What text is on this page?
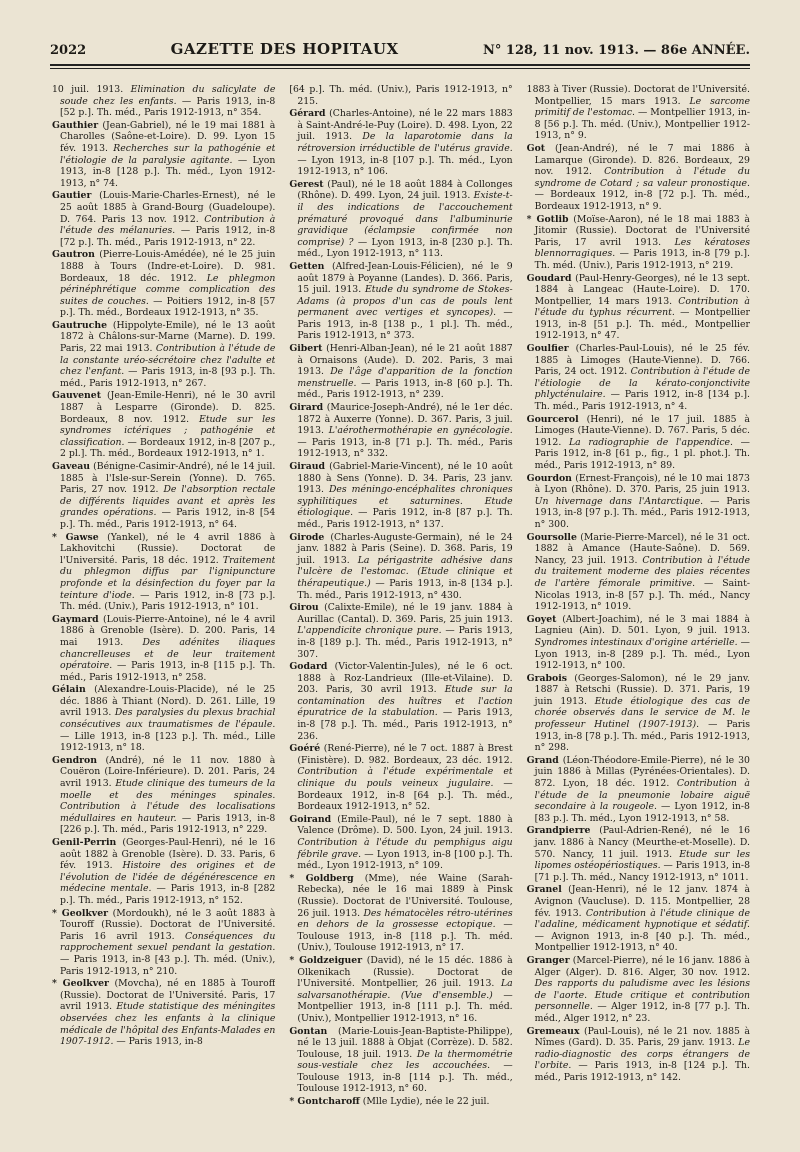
2022	GAZETTE DES HOPITAUX	N° 128, 11 nov. 1913. — 86e ANNÉE.

10 juil. 1913. Elimination du salicylate de soude chez les enfants. — Paris 1913, in-8 [52 p.]. Th. méd., Paris 1912-1913, n° 354.

Gauthier (Jean-Gabriel), né le 19 mai 1881 à Charolles (Saône-et-Loire). D. 99. Lyon 15 fév. 1913. Recherches sur la pathogénie et l'étiologie de la paralysie agitante. — Lyon 1913, in-8 [128 p.]. Th. méd., Lyon 1912-1913, n° 74.

Gautier (Louis-Marie-Charles-Ernest), né le 25 août 1885 à Grand-Bourg (Guadeloupe). D. 764. Paris 13 nov. 1912. Contribution à l'étude des mélanuries. — Paris 1912, in-8 [72 p.]. Th. méd., Paris 1912-1913, n° 22.

Gautron (Pierre-Louis-Amédée), né le 25 juin 1888 à Tours (Indre-et-Loire). D. 981. Bordeaux, 18 déc. 1912. Le phlegmon périnéphrétique comme complication des suites de couches. — Poitiers 1912, in-8 [57 p.]. Th. méd., Bordeaux 1912-1913, n° 35.

Gautruche (Hippolyte-Emile), né le 13 août 1872 à Châlons-sur-Marne (Marne). D. 199. Paris, 22 mai 1913. Contribution à l'étude de la constante uréo-sécrétoire chez l'adulte et chez l'enfant. — Paris 1913, in-8 [93 p.]. Th. méd., Paris 1912-1913, n° 267.

Gauvenet (Jean-Emile-Henri), né le 30 avril 1887 à Lesparre (Gironde). D. 825. Bordeaux, 8 nov. 1912. Etude sur les syndromes ictériques ; pathogénie et classification. — Bordeaux 1912, in-8 [207 p., 2 pl.]. Th. méd., Bordeaux 1912-1913, n° 1.

Gaveau (Bénigne-Casimir-André), né le 14 juil. 1885 à l'Isle-sur-Serein (Yonne). D. 765. Paris, 27 nov. 1912. De l'absorption rectale de différents liquides avant et après les grandes opérations. — Paris 1912, in-8 [54 p.]. Th. méd., Paris 1912-1913, n° 64.

* Gawse (Yankel), né le 4 avril 1886 à Lakhovitchi (Russie). Doctorat de l'Université. Paris, 18 déc. 1912. Traitement du phlegmon diffus par l'ignipuncture profonde et la désinfection du foyer par la teinture d'iode. — Paris 1912, in-8 [73 p.]. Th. méd. (Univ.), Paris 1912-1913, n° 101.

Gaymard (Louis-Pierre-Antoine), né le 4 avril 1886 à Grenoble (Isère). D. 200. Paris, 14 mai 1913. Des adénites iliaques chancrelleuses et de leur traitement opératoire. — Paris 1913, in-8 [115 p.]. Th. méd., Paris 1912-1913, n° 258.

Gélain (Alexandre-Louis-Placide), né le 25 déc. 1886 à Thiant (Nord). D. 261. Lille, 19 avril 1913. Des paralysies du plexus brachial consécutives aux traumatismes de l'épaule. — Lille 1913, in-8 [123 p.]. Th. méd., Lille 1912-1913, n° 18.

Gendron (André), né le 11 nov. 1880 à Couëron (Loire-Inférieure). D. 201. Paris, 24 avril 1913. Etude clinique des tumeurs de la moelle et des méninges spinales. Contribution à l'étude des localisations médullaires en hauteur. — Paris 1913, in-8 [226 p.]. Th. méd., Paris 1912-1913, n° 229.

Genil-Perrin (Georges-Paul-Henri), né le 16 août 1882 à Grenoble (Isère). D. 33. Paris, 6 fév. 1913. Histoire des origines et de l'évolution de l'idée de dégénérescence en médecine mentale. — Paris 1913, in-8 [282 p.]. Th. méd., Paris 1912-1913, n° 152.

* Geolkver (Mordoukh), né le 3 août 1883 à Touroff (Russie). Doctorat de l'Université. Paris 16 avril 1913. Conséquences du rapprochement sexuel pendant la gestation. — Paris 1913, in-8 [43 p.]. Th. méd. (Univ.), Paris 1912-1913, n° 210.

* Geolkver (Movcha), né en 1885 à Touroff (Russie). Doctorat de l'Université. Paris, 17 avril 1913. Etude statistique des méningites observées chez les enfants à la clinique médicale de l'hôpital des Enfants-Malades en 1907-1912. — Paris 1913, in-8

[64 p.]. Th. méd. (Univ.), Paris 1912-1913, n° 215.

Gérard (Charles-Antoine), né le 22 mars 1883 à Saint-André-le-Puy (Loire). D. 498. Lyon, 22 juil. 1913. De la laparotomie dans la rétroversion irréductible de l'utérus gravide. — Lyon 1913, in-8 [107 p.]. Th. méd., Lyon 1912-1913, n° 106.

Gerest (Paul), né le 18 août 1884 à Collonges (Rhône). D. 499. Lyon, 24 juil. 1913. Existe-t-il des indications de l'accouchement prématuré provoqué dans l'albuminurie gravidique (éclampsie confirmée non comprise) ? — Lyon 1913, in-8 [230 p.]. Th. méd., Lyon 1912-1913, n° 113.

Getten (Alfred-Jean-Louis-Félicien), né le 9 août 1879 à Poyanne (Landes). D. 366. Paris, 15 juil. 1913. Etude du syndrome de Stokes-Adams (à propos d'un cas de pouls lent permanent avec vertiges et syncopes). — Paris 1913, in-8 [138 p., 1 pl.]. Th. méd., Paris 1912-1913, n° 373.

Gibert (Henri-Alban-Jean), né le 21 août 1887 à Ornaisons (Aude). D. 202. Paris, 3 mai 1913. De l'âge d'apparition de la fonction menstruelle. — Paris 1913, in-8 [60 p.]. Th. méd., Paris 1912-1913, n° 239.

Girard (Maurice-Joseph-André), né le 1er déc. 1872 à Auxerre (Yonne). D. 367. Paris, 3 juil. 1913. L'aérothermothérapie en gynécologie. — Paris 1913, in-8 [71 p.]. Th. méd., Paris 1912-1913, n° 332.

Giraud (Gabriel-Marie-Vincent), né le 10 août 1880 à Sens (Yonne). D. 34. Paris, 23 janv. 1913. Des méningo-encéphalites chroniques syphilitiques et saturnines. Etude étiologique. — Paris 1912, in-8 [87 p.]. Th. méd., Paris 1912-1913, n° 137.

Girode (Charles-Auguste-Germain), né le 24 janv. 1882 à Paris (Seine). D. 368. Paris, 19 juil. 1913. La périgastrite adhésive dans l'ulcère de l'estomac. (Etude clinique et thérapeutique.) — Paris 1913, in-8 [134 p.]. Th. méd., Paris 1912-1913, n° 430.

Girou (Calixte-Emile), né le 19 janv. 1884 à Aurillac (Cantal). D. 369. Paris, 25 juin 1913. L'appendicite chronique pure. — Paris 1913, in-8 [189 p.]. Th. méd., Paris 1912-1913, n° 307.

Godard (Victor-Valentin-Jules), né le 6 oct. 1888 à Roz-Landrieux (Ille-et-Vilaine). D. 203. Paris, 30 avril 1913. Etude sur la contamination des huîtres et l'action épuratrice de la stabulation. — Paris 1913, in-8 [78 p.]. Th. méd., Paris 1912-1913, n° 236.

Goéré (René-Pierre), né le 7 oct. 1887 à Brest (Finistère). D. 982. Bordeaux, 23 déc. 1912. Contribution à l'étude expérimentale et clinique du pouls veineux jugulaire. — Bordeaux 1912, in-8 [64 p.]. Th. méd., Bordeaux 1912-1913, n° 52.

Goirand (Emile-Paul), né le 7 sept. 1880 à Valence (Drôme). D. 500. Lyon, 24 juil. 1913. Contribution à l'étude du pemphigus aigu fébrile grave. — Lyon 1913, in-8 [100 p.]. Th. méd., Lyon 1912-1913, n° 109.

* Goldberg (Mme), née Waine (Sarah-Rebecka), née le 16 mai 1889 à Pinsk (Russie). Doctorat de l'Université. Toulouse, 26 juil. 1913. Des hématocèles rétro-utérines en dehors de la grossesse ectopique. — Toulouse 1913, in-8 [118 p.]. Th. méd. (Univ.), Toulouse 1912-1913, n° 17.

* Goldzeiguer (David), né le 15 déc. 1886 à Olkenikach (Russie). Doctorat de l'Université. Montpellier, 26 juil. 1913. La salvarsanothérapie. (Vue d'ensemble.) — Montpellier 1913, in-8 [111 p.]. Th. méd. (Univ.), Montpellier 1912-1913, n° 16.

Gontan (Marie-Louis-Jean-Baptiste-Philippe), né le 13 juil. 1888 à Objat (Corrèze). D. 582. Toulouse, 18 juil. 1913. De la thermométrie sous-vestiale chez les accouchées. — Toulouse 1913, in-8 [114 p.]. Th. méd., Toulouse 1912-1913, n° 60.

* Gontcharoff (Mlle Lydie), née le 22 juil.

1883 à Tiver (Russie). Doctorat de l'Université. Montpellier, 15 mars 1913. Le sarcome primitif de l'estomac. — Montpellier 1913, in-8 [56 p.]. Th. méd. (Univ.), Montpellier 1912-1913, n° 9.

Got (Jean-André), né le 7 mai 1886 à Lamarque (Gironde). D. 826. Bordeaux, 29 nov. 1912. Contribution à l'étude du syndrome de Cotard ; sa valeur pronostique. — Bordeaux 1912, in-8 [72 p.]. Th. méd., Bordeaux 1912-1913, n° 9.

* Gotlib (Moïse-Aaron), né le 18 mai 1883 à Jitomir (Russie). Doctorat de l'Université Paris, 17 avril 1913. Les kératoses blennorragiques. — Paris 1913, in-8 [79 p.]. Th. méd. (Univ.), Paris 1912-1913, n° 219.

Goudard (Paul-Henry-Georges), né le 13 sept. 1884 à Langeac (Haute-Loire). D. 170. Montpellier, 14 mars 1913. Contribution à l'étude du typhus récurrent. — Montpellier 1913, in-8 [51 p.]. Th. méd., Montpellier 1912-1913, n° 47.

Goulfier (Charles-Paul-Louis), né le 25 fév. 1885 à Limoges (Haute-Vienne). D. 766. Paris, 24 oct. 1912. Contribution à l'étude de l'étiologie de la kérato-conjonctivite phlycténulaire. — Paris 1912, in-8 [134 p.]. Th. méd., Paris 1912-1913, n° 4.

Gourcerol (Henri), né le 17 juil. 1885 à Limoges (Haute-Vienne). D. 767. Paris, 5 déc. 1912. La radiographie de l'appendice. — Paris 1912, in-8 [61 p., fig., 1 pl. phot.]. Th. méd., Paris 1912-1913, n° 89.

Gourdon (Ernest-François), né le 10 mai 1873 à Lyon (Rhône). D. 370. Paris, 25 juin 1913. Un hivernage dans l'Antarctique. — Paris 1913, in-8 [97 p.]. Th. méd., Paris 1912-1913, n° 300.

Goursolle (Marie-Pierre-Marcel), né le 31 oct. 1882 à Amance (Haute-Saône). D. 569. Nancy, 23 juil. 1913. Contribution à l'étude du traitement moderne des plaies récentes de l'artère fémorale primitive. — Saint-Nicolas 1913, in-8 [57 p.]. Th. méd., Nancy 1912-1913, n° 1019.

Goyet (Albert-Joachim), né le 3 mai 1884 à Lagnieu (Ain). D. 501. Lyon, 9 juil. 1913. Syndromes intestinaux d'origine artérielle. — Lyon 1913, in-8 [289 p.]. Th. méd., Lyon 1912-1913, n° 100.

Grabois (Georges-Salomon), né le 29 janv. 1887 à Retschi (Russie). D. 371. Paris, 19 juin 1913. Etude étiologique des cas de chorée observés dans le service de M. le professeur Hutinel (1907-1913). — Paris 1913, in-8 [78 p.]. Th. méd., Paris 1912-1913, n° 298.

Grand (Léon-Théodore-Emile-Pierre), né le 30 juin 1886 à Millas (Pyrénées-Orientales). D. 872. Lyon, 18 déc. 1912. Contribution à l'étude de la pneumonie lobaire aiguë secondaire à la rougeole. — Lyon 1912, in-8 [83 p.]. Th. méd., Lyon 1912-1913, n° 58.

Grandpierre (Paul-Adrien-René), né le 16 janv. 1886 à Nancy (Meurthe-et-Moselle). D. 570. Nancy, 11 juil. 1913. Etude sur les lipomes ostéopériostiques. — Paris 1913, in-8 [71 p.]. Th. méd., Nancy 1912-1913, n° 1011.

Granel (Jean-Henri), né le 12 janv. 1874 à Avignon (Vaucluse). D. 115. Montpellier, 28 fév. 1913. Contribution à l'étude clinique de l'adaline, médicament hypnotique et sédatif. — Avignon 1913, in-8 [40 p.]. Th. méd., Montpellier 1912-1913, n° 40.

Granger (Marcel-Pierre), né le 16 janv. 1886 à Alger (Alger). D. 816. Alger, 30 nov. 1912. Des rapports du paludisme avec les lésions de l'aorte. Etude critique et contribution personnelle. — Alger 1912, in-8 [77 p.]. Th. méd., Alger 1912, n° 23.

Gremeaux (Paul-Louis), né le 21 nov. 1885 à Nîmes (Gard). D. 35. Paris, 29 janv. 1913. Le radio-diagnostic des corps étrangers de l'orbite. — Paris 1913, in-8 [124 p.]. Th. méd., Paris 1912-1913, n° 142.
